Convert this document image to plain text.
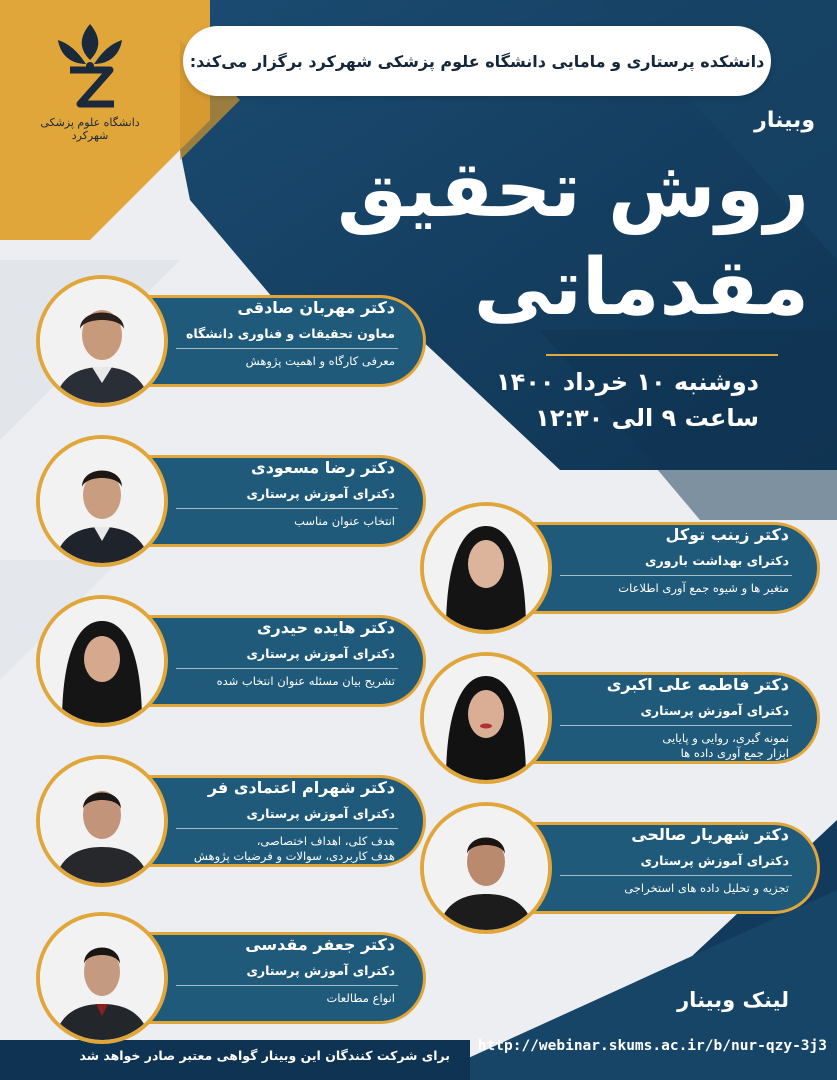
دانشگاه علوم پزشکی شهرکرد
دانشکده پرستاری و مامایی دانشگاه علوم پزشکی شهرکرد برگزار می‌کند:
وبینار
روش تحقیق
مقدماتی
دوشنبه ۱۰ خرداد ۱۴۰۰
ساعت ۹ الی ۱۲:۳۰
دکتر مهربان صادقی
معاون تحقیقات و فناوری دانشگاه
معرفی کارگاه و اهمیت پژوهش
دکتر رضا مسعودی
دکترای آموزش پرستاری
انتخاب عنوان مناسب
دکتر هایده حیدری
دکترای آموزش پرستاری
تشریح بیان مسئله عنوان انتخاب شده
دکتر شهرام اعتمادی فر
دکترای آموزش پرستاری
هدف کلی، اهداف اختصاصی،
هدف کاربردی، سوالات و فرضیات پژوهش
دکتر جعفر مقدسی
دکترای آموزش پرستاری
انواع مطالعات
دکتر زینب توکل
دکترای بهداشت باروری
متغیر ها و شیوه جمع آوری اطلاعات
دکتر فاطمه علی اکبری
دکترای آموزش پرستاری
نمونه گیری، روایی و پایایی
ابزار جمع آوری داده ها
دکتر شهریار صالحی
دکترای آموزش پرستاری
تجزیه و تحلیل داده های استخراجی
لینک وبینار
http://webinar.skums.ac.ir/b/nur-qzy-3j3
برای شرکت کنندگان این وبینار گواهی معتبر صادر خواهد شد
